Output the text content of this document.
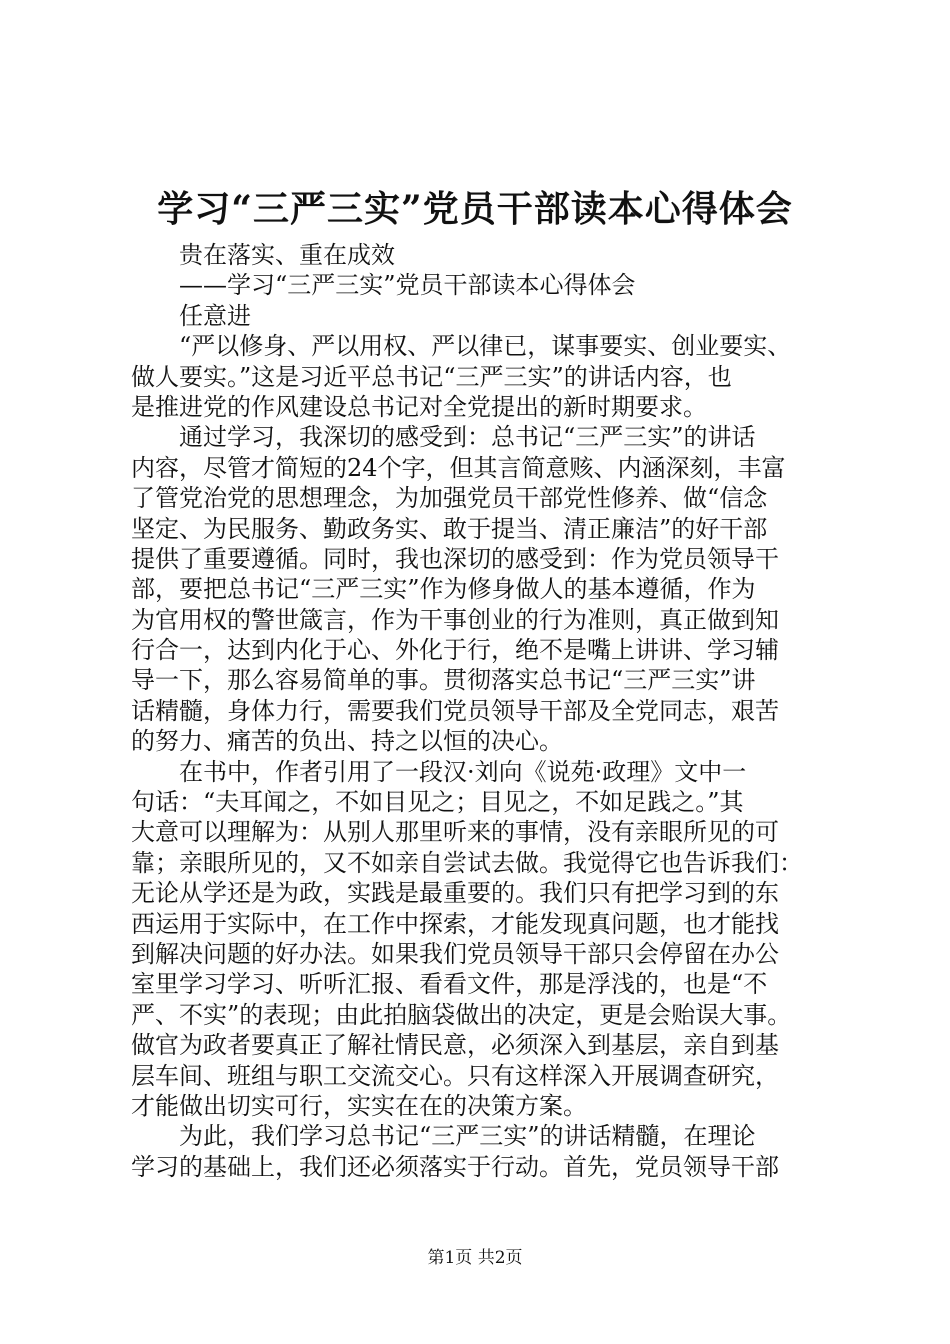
学习“三严三实”党员干部读本心得体会
贵在落实、重在成效
——学习“三严三实”党员干部读本心得体会
任意进
“严以修身、严以用权、严以律已，谋事要实、创业要实、
做人要实。”这是习近平总书记“三严三实”的讲话内容，也
是推进党的作风建设总书记对全党提出的新时期要求。
通过学习，我深切的感受到：总书记“三严三实”的讲话
内容，尽管才简短的24个字，但其言简意赅、内涵深刻，丰富
了管党治党的思想理念，为加强党员干部党性修养、做“信念
坚定、为民服务、勤政务实、敢于提当、清正廉洁”的好干部
提供了重要遵循。同时，我也深切的感受到：作为党员领导干
部，要把总书记“三严三实”作为修身做人的基本遵循，作为
为官用权的警世箴言，作为干事创业的行为准则，真正做到知
行合一，达到内化于心、外化于行，绝不是嘴上讲讲、学习辅
导一下，那么容易简单的事。贯彻落实总书记“三严三实”讲
话精髓，身体力行，需要我们党员领导干部及全党同志，艰苦
的努力、痛苦的负出、持之以恒的决心。
在书中，作者引用了一段汉·刘向《说苑·政理》文中一
句话：“夫耳闻之，不如目见之；目见之，不如足践之。”其
大意可以理解为：从别人那里听来的事情，没有亲眼所见的可
靠；亲眼所见的，又不如亲自尝试去做。我觉得它也告诉我们：
无论从学还是为政，实践是最重要的。我们只有把学习到的东
西运用于实际中，在工作中探索，才能发现真问题，也才能找
到解决问题的好办法。如果我们党员领导干部只会停留在办公
室里学习学习、听听汇报、看看文件，那是浮浅的，也是“不
严、不实”的表现；由此拍脑袋做出的决定，更是会贻误大事。
做官为政者要真正了解社情民意，必须深入到基层，亲自到基
层车间、班组与职工交流交心。只有这样深入开展调查研究，
才能做出切实可行，实实在在的决策方案。
为此，我们学习总书记“三严三实”的讲话精髓，在理论
学习的基础上，我们还必须落实于行动。首先，党员领导干部
第1页 共2页
